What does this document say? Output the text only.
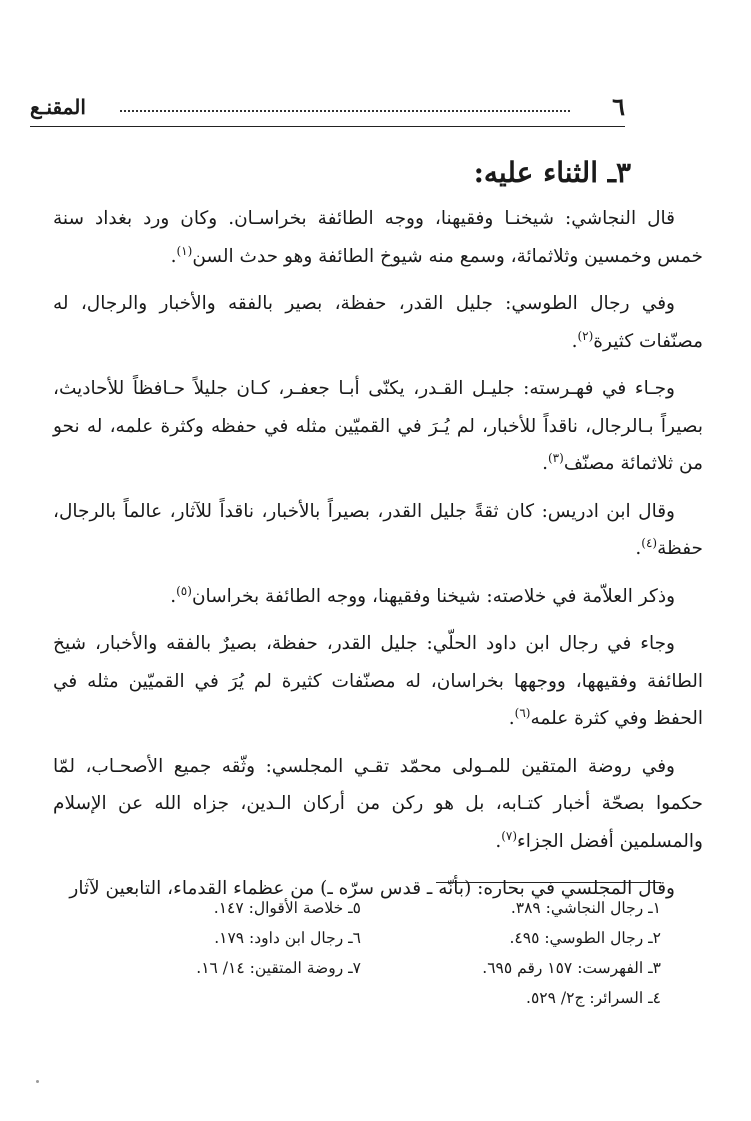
٦
المقنـع
٣ـ الثناء عليه:

قال النجاشي: شيخنـا وفقيهنا، ووجه الطائفة بخراسـان. وكان ورد بغداد سنة خمس وخمسين وثلاثمائة، وسمع منه شيوخ الطائفة وهو حدث السن$^{(١)}$.

وفي رجال الطوسي: جليل القدر، حفظة، بصير بالفقه والأخبار والرجال، له مصنّفات كثيرة$^{(٢)}$.

وجـاء في فهـرسته: جليـل القـدر، يكنّى أبـا جعفـر، كـان جليلاً حـافظاً للأحاديث، بصيراً بـالرجال، ناقداً للأخبار، لم يُـرَ في القميّين مثله في حفظه وكثرة علمه، له نحو من ثلاثمائة مصنّف$^{(٣)}$.

وقال ابن ادريس: كان ثقةً جليل القدر، بصيراً بالأخبار، ناقداً للآثار، عالماً بالرجال، حفظة$^{(٤)}$.

وذكر العلاّمة في خلاصته: شيخنا وفقيهنا، ووجه الطائفة بخراسان$^{(٥)}$.

وجاء في رجال ابن داود الحلّي: جليل القدر، حفظة، بصيرٌ بالفقه والأخبار، شيخ الطائفة وفقيهها، ووجهها بخراسان، له مصنّفات كثيرة لم يُرَ في القميّين مثله في الحفظ وفي كثرة علمه$^{(٦)}$.

وفي روضة المتقين للمـولى محمّد تقـي المجلسي: وثّقه جميع الأصحـاب، لمّا حكموا بصحّة أخبار كتـابه، بل هو ركن من أركان الـدين، جزاه الله عن الإسلام والمسلمين أفضل الجزاء$^{(٧)}$.

وقال المجلسي في بحاره: (بأنّه ـ قدس سرّه ـ) من عظماء القدماء، التابعين لآثار

١ـ رجال النجاشي: ٣٨٩.
٢ـ رجال الطوسي: ٤٩٥.
٣ـ الفهرست: ١٥٧ رقم ٦٩٥.
٤ـ السرائر: ج٢/ ٥٢٩.
٥ـ خلاصة الأقوال: ١٤٧.
٦ـ رجال ابن داود: ١٧٩.
٧ـ روضة المتقين: ١٤/ ١٦.
